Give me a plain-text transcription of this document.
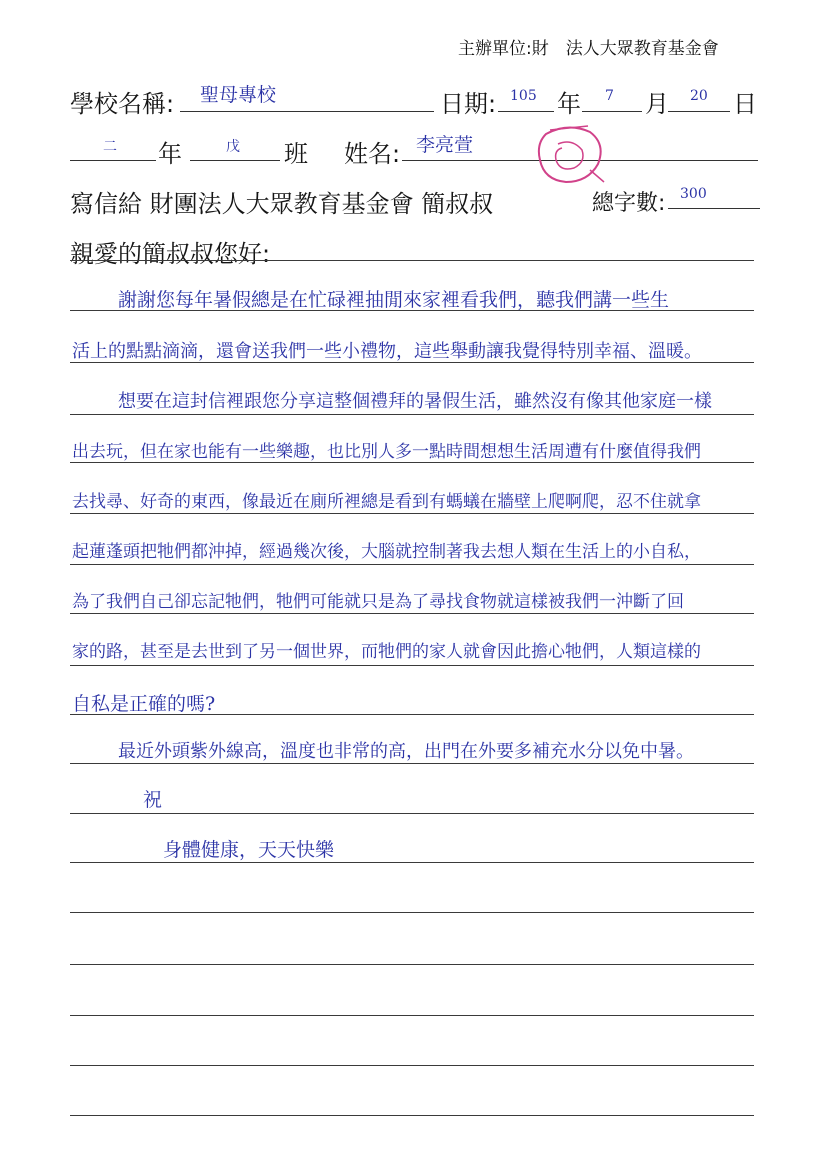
主辦單位:財　法人大眾教育基金會
學校名稱: 聖母專校	日期: 105 年 7 月 20 日
二 年	戊 班 姓名: 李亮萱
寫信給 財團法人大眾教育基金會 簡叔叔	總字數: 300
親愛的簡叔叔您好:
謝謝您每年暑假總是在忙碌裡抽閒來家裡看我們，聽我們講一些生
活上的點點滴滴，還會送我們一些小禮物，這些舉動讓我覺得特別幸福、溫暖。
想要在這封信裡跟您分享這整個禮拜的暑假生活，雖然沒有像其他家庭一樣
出去玩，但在家也能有一些樂趣，也比別人多一點時間想想生活周遭有什麼值得我們
去找尋、好奇的東西，像最近在廁所裡總是看到有螞蟻在牆壁上爬啊爬，忍不住就拿
起蓮蓬頭把牠們都沖掉，經過幾次後，大腦就控制著我去想人類在生活上的小自私，
為了我們自己卻忘記牠們，牠們可能就只是為了尋找食物就這樣被我們一沖斷了回
家的路，甚至是去世到了另一個世界，而牠們的家人就會因此擔心牠們，人類這樣的
自私是正確的嗎?
最近外頭紫外線高，溫度也非常的高，出門在外要多補充水分以免中暑。
祝
身體健康，天天快樂
